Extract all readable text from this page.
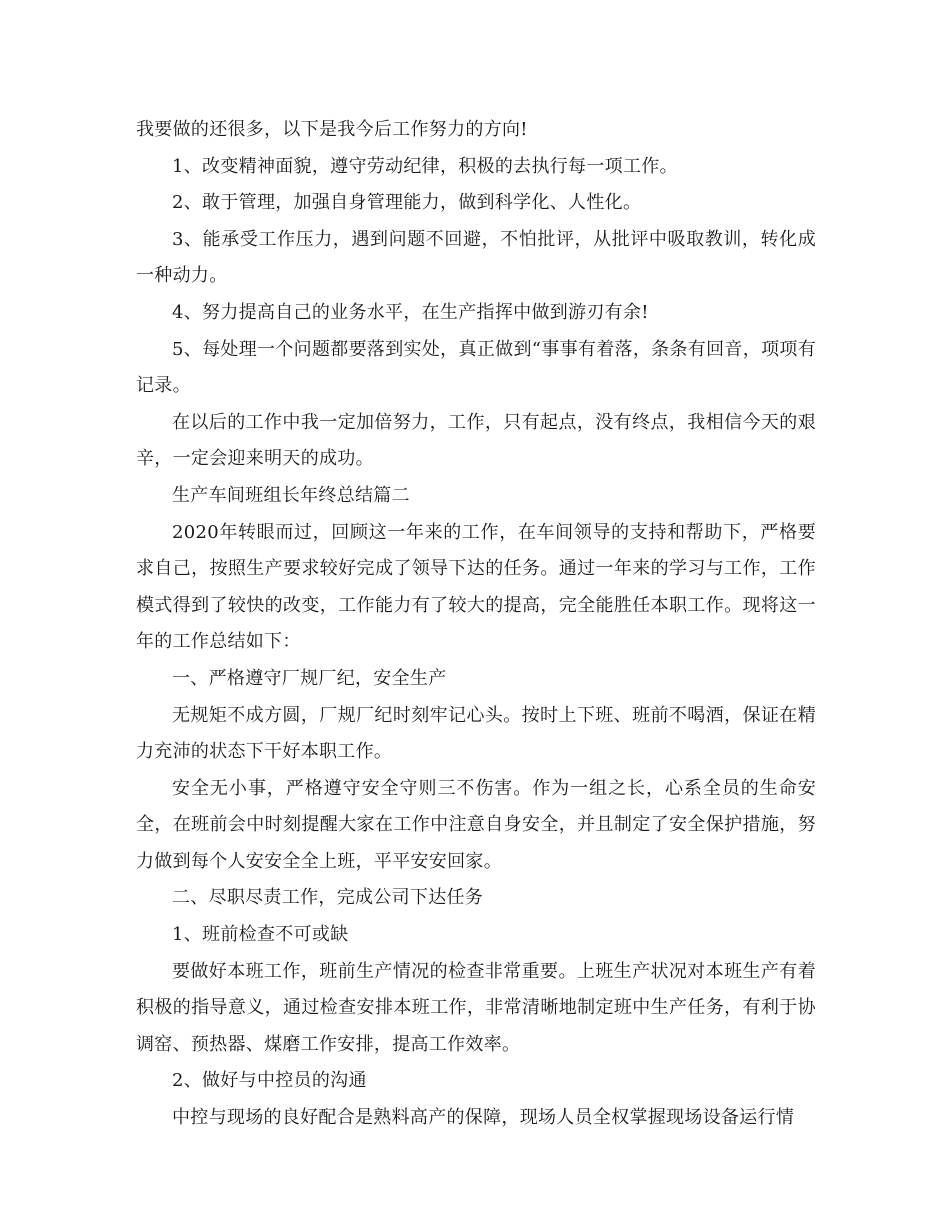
我要做的还很多，以下是我今后工作努力的方向!

1、改变精神面貌，遵守劳动纪律，积极的去执行每一项工作。

2、敢于管理，加强自身管理能力，做到科学化、人性化。

3、能承受工作压力，遇到问题不回避，不怕批评，从批评中吸取教训，转化成一种动力。

4、努力提高自己的业务水平，在生产指挥中做到游刃有余!

5、每处理一个问题都要落到实处，真正做到“事事有着落，条条有回音，项项有记录。

在以后的工作中我一定加倍努力，工作，只有起点，没有终点，我相信今天的艰辛，一定会迎来明天的成功。

生产车间班组长年终总结篇二

2020年转眼而过，回顾这一年来的工作，在车间领导的支持和帮助下，严格要求自己，按照生产要求较好完成了领导下达的任务。通过一年来的学习与工作，工作模式得到了较快的改变，工作能力有了较大的提高，完全能胜任本职工作。现将这一年的工作总结如下：

一、严格遵守厂规厂纪，安全生产

无规矩不成方圆，厂规厂纪时刻牢记心头。按时上下班、班前不喝酒，保证在精力充沛的状态下干好本职工作。

安全无小事，严格遵守安全守则三不伤害。作为一组之长，心系全员的生命安全，在班前会中时刻提醒大家在工作中注意自身安全，并且制定了安全保护措施，努力做到每个人安安全全上班，平平安安回家。

二、尽职尽责工作，完成公司下达任务

1、班前检查不可或缺

要做好本班工作，班前生产情况的检查非常重要。上班生产状况对本班生产有着积极的指导意义，通过检查安排本班工作，非常清晰地制定班中生产任务，有利于协调窑、预热器、煤磨工作安排，提高工作效率。

2、做好与中控员的沟通

中控与现场的良好配合是熟料高产的保障，现场人员全权掌握现场设备运行情
